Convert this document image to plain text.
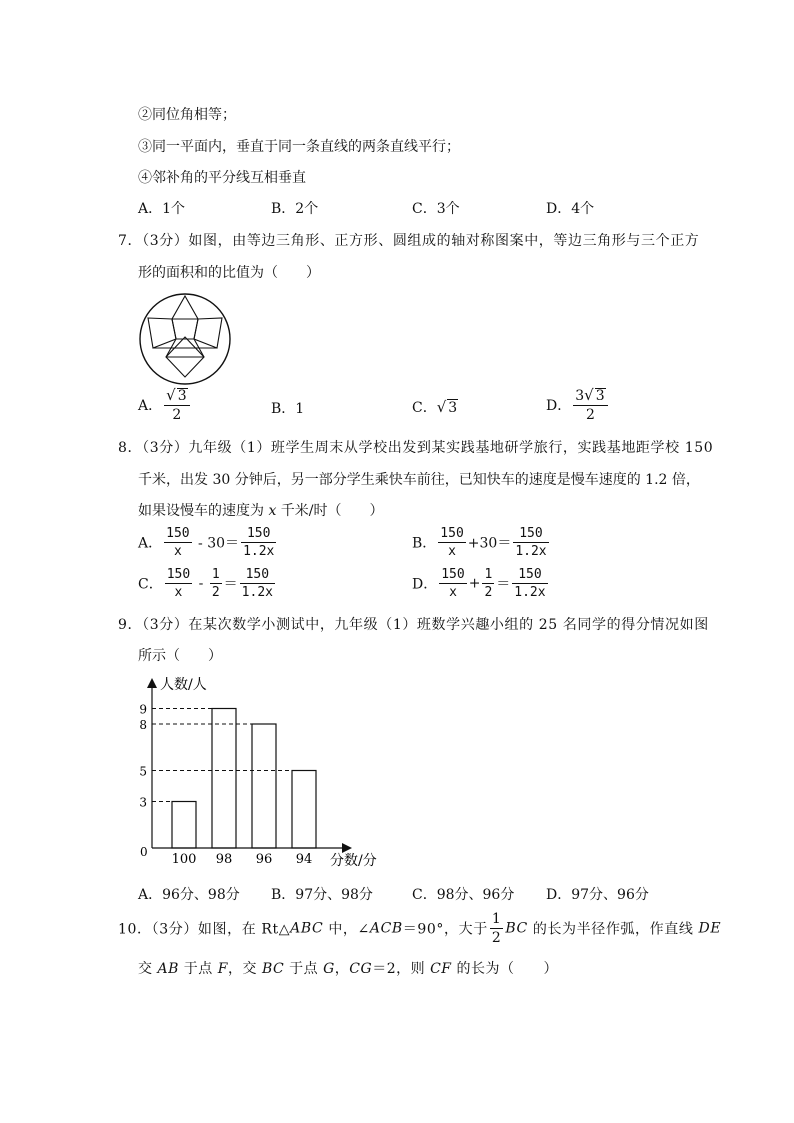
②同位角相等；
③同一平面内，垂直于同一条直线的两条直线平行；
④邻补角的平分线互相垂直
A．1个	B．2个	C．3个	D．4个
7．（3分）如图，由等边三角形、正方形、圆组成的轴对称图案中，等边三角形与三个正方
形的面积和的比值为（　　）
A． $\frac{√ 3}{2}$	B．1	C．√ 3	D． $\frac{3√ 3}{2}$
8．（3分）九年级（1）班学生周末从学校出发到某实践基地研学旅行，实践基地距学校 150
千米，出发 30 分钟后，另一部分学生乘快车前往，已知快车的速度是慢车速度的 1.2 倍，
如果设慢车的速度为 x 千米/时（　　）
A． $\frac{150}{x} - 30= \frac{150}{1.2x}$	B． $\frac{150}{x} +30= \frac{150}{1.2x}$
C． $\frac{150}{x} - \frac{1}{2} = \frac{150}{1.2x}$	D． $\frac{150}{x} + \frac{1}{2} = \frac{150}{1.2x}$
9．（3分）在某次数学小测试中，九年级（1）班数学兴趣小组的 25 名同学的得分情况如图
所示（　　）
人数/人
分数/分
0
3
5
8
9
100 98 96 94
A．96分、98分 B．97分、98分	C．98分、96分 D．97分、96分
10．（3分）如图，在 Rt△ABC 中，∠ACB＝90°，大于 $\frac{1}{2}$ BC 的长为半径作弧，作直线 DE
交 AB 于点 F，交 BC 于点 G，CG＝2，则 CF 的长为（　　）
